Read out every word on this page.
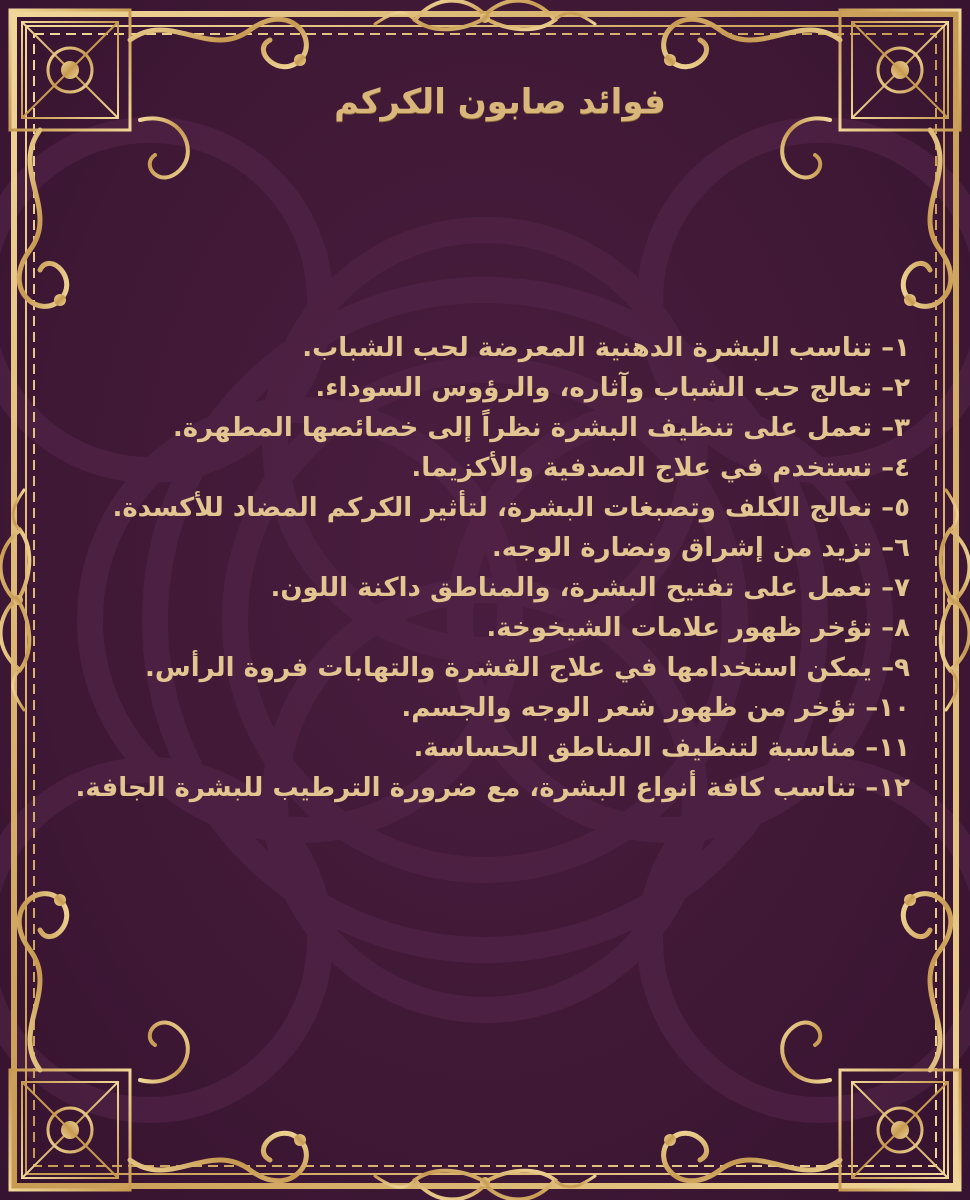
فوائد صابون الكركم
١– تناسب البشرة الدهنية المعرضة لحب الشباب.
٢– تعالج حب الشباب وآثاره، والرؤوس السوداء.
٣– تعمل على تنظيف البشرة نظراً إلى خصائصها المطهرة.
٤– تستخدم في علاج الصدفية والأكزيما.
٥– تعالج الكلف وتصبغات البشرة، لتأثير الكركم المضاد للأكسدة.
٦– تزيد من إشراق ونضارة الوجه.
٧– تعمل على تفتيح البشرة، والمناطق داكنة اللون.
٨– تؤخر ظهور علامات الشيخوخة.
٩– يمكن استخدامها في علاج القشرة والتهابات فروة الرأس.
١٠– تؤخر من ظهور شعر الوجه والجسم.
١١– مناسبة لتنظيف المناطق الحساسة.
١٢– تناسب كافة أنواع البشرة، مع ضرورة الترطيب للبشرة الجافة.
